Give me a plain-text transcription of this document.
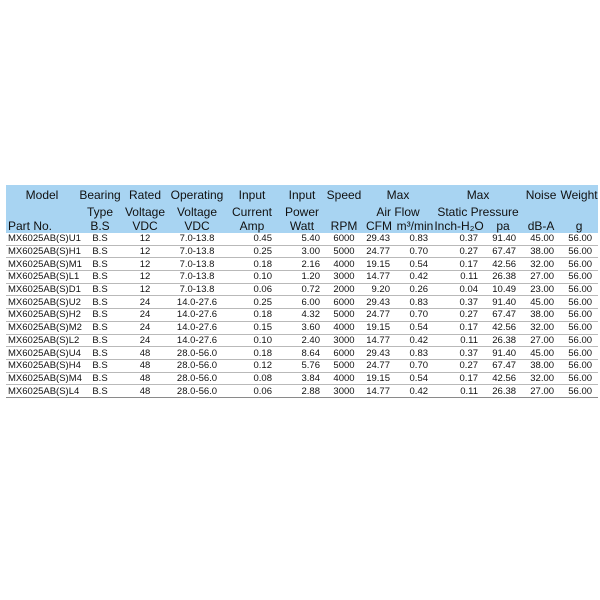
Model	Bearing	Rated	Operating	Input	Input	Speed	Max		Max		Noise	Weight
	Type	Voltage	Voltage	Current	Power		Air Flow		Static Pressure			
Part No.	B.S	VDC	VDC	Amp	Watt	RPM	CFM	m³/min	Inch-H₂O	pa	dB-A	g
MX6025AB(S)U1	B.S	12	7.0-13.8	0.45	5.40	6000	29.43	0.83	0.37	91.40	45.00	56.00
MX6025AB(S)H1	B.S	12	7.0-13.8	0.25	3.00	5000	24.77	0.70	0.27	67.47	38.00	56.00
MX6025AB(S)M1	B.S	12	7.0-13.8	0.18	2.16	4000	19.15	0.54	0.17	42.56	32.00	56.00
MX6025AB(S)L1	B.S	12	7.0-13.8	0.10	1.20	3000	14.77	0.42	0.11	26.38	27.00	56.00
MX6025AB(S)D1	B.S	12	7.0-13.8	0.06	0.72	2000	9.20	0.26	0.04	10.49	23.00	56.00
MX6025AB(S)U2	B.S	24	14.0-27.6	0.25	6.00	6000	29.43	0.83	0.37	91.40	45.00	56.00
MX6025AB(S)H2	B.S	24	14.0-27.6	0.18	4.32	5000	24.77	0.70	0.27	67.47	38.00	56.00
MX6025AB(S)M2	B.S	24	14.0-27.6	0.15	3.60	4000	19.15	0.54	0.17	42.56	32.00	56.00
MX6025AB(S)L2	B.S	24	14.0-27.6	0.10	2.40	3000	14.77	0.42	0.11	26.38	27.00	56.00
MX6025AB(S)U4	B.S	48	28.0-56.0	0.18	8.64	6000	29.43	0.83	0.37	91.40	45.00	56.00
MX6025AB(S)H4	B.S	48	28.0-56.0	0.12	5.76	5000	24.77	0.70	0.27	67.47	38.00	56.00
MX6025AB(S)M4	B.S	48	28.0-56.0	0.08	3.84	4000	19.15	0.54	0.17	42.56	32.00	56.00
MX6025AB(S)L4	B.S	48	28.0-56.0	0.06	2.88	3000	14.77	0.42	0.11	26.38	27.00	56.00
